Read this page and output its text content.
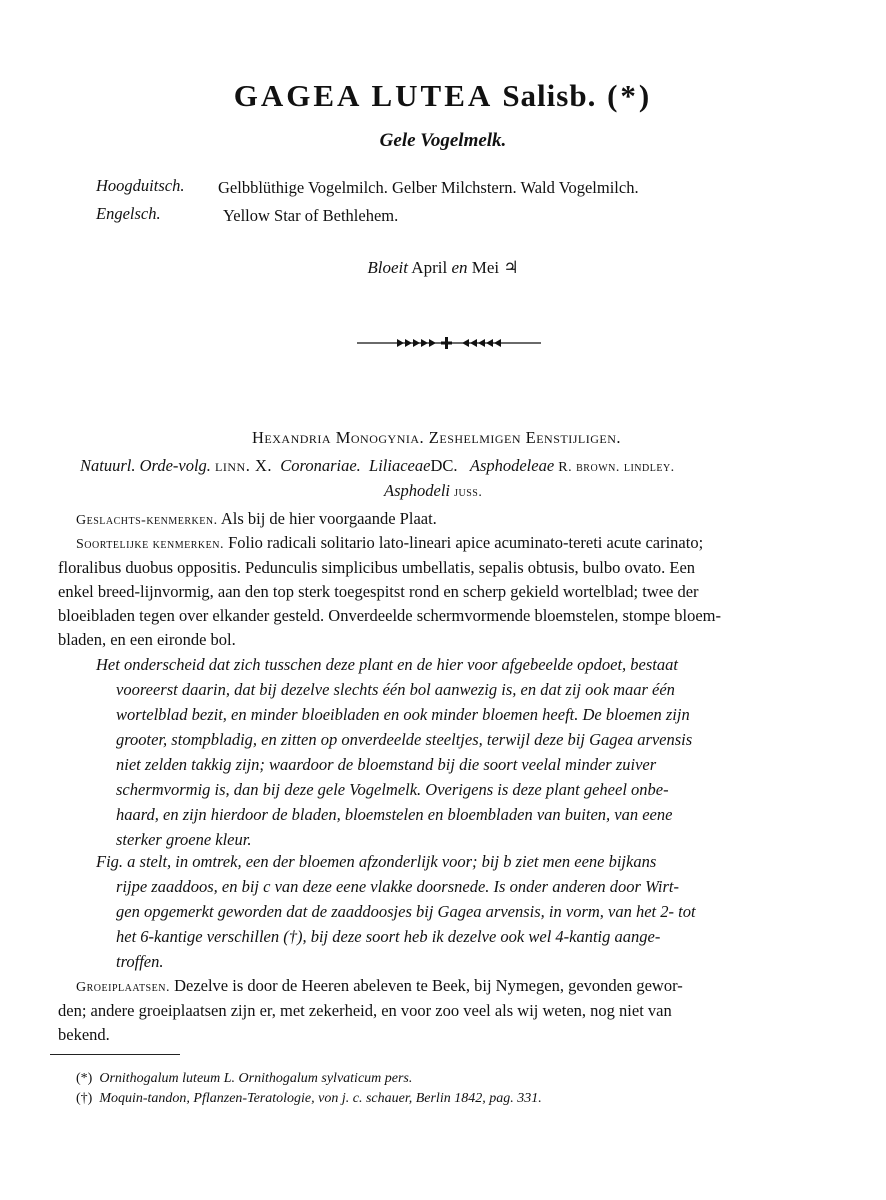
GAGEA LUTEA Salisb. (*)
Gele Vogelmelk.
Hoogduitsch. Gelbblüthige Vogelmilch. Gelber Milchstern. Wald Vogelmilch.
Engelsch.	Yellow Star of Bethlehem.
Bloeit April en Mei ♃
Hexandria Monogynia. Zeshelmigen Eenstijligen.
Natuurl. Orde-volg. linn. X. Coronariae. LiliaceaeDC. Asphodeleae R. brown. lindley.
Asphodeli juss.
Geslachts-kenmerken. Als bij de hier voorgaande Plaat.
Soortelijke kenmerken. Folio radicali solitario lato-lineari apice acuminato-tereti acute carinato;
floralibus duobus oppositis. Pedunculis simplicibus umbellatis, sepalis obtusis, bulbo ovato. Een
enkel breed-lijnvormig, aan den top sterk toegespitst rond en scherp gekield wortelblad; twee der
bloeibladen tegen over elkander gesteld. Onverdeelde schermvormende bloemstelen, stompe bloem-
bladen, en een eironde bol.
Het onderscheid dat zich tusschen deze plant en de hier voor afgebeelde opdoet, bestaat
vooreerst daarin, dat bij dezelve slechts één bol aanwezig is, en dat zij ook maar één
wortelblad bezit, en minder bloeibladen en ook minder bloemen heeft. De bloemen zijn
grooter, stompbladig, en zitten op onverdeelde steeltjes, terwijl deze bij Gagea arvensis
niet zelden takkig zijn; waardoor de bloemstand bij die soort veelal minder zuiver
schermvormig is, dan bij deze gele Vogelmelk. Overigens is deze plant geheel onbe-
haard, en zijn hierdoor de bladen, bloemstelen en bloembladen van buiten, van eene
sterker groene kleur.
Fig. a stelt, in omtrek, een der bloemen afzonderlijk voor; bij b ziet men eene bijkans
rijpe zaaddoos, en bij c van deze eene vlakke doorsnede. Is onder anderen door Wirt-
gen opgemerkt geworden dat de zaaddoosjes bij Gagea arvensis, in vorm, van het 2- tot
het 6-kantige verschillen (†), bij deze soort heb ik dezelve ook wel 4-kantig aange-
troffen.
Groeiplaatsen. Dezelve is door de Heeren abeleven te Beek, bij Nymegen, gevonden gewor-
den; andere groeiplaatsen zijn er, met zekerheid, en voor zoo veel als wij weten, nog niet van
bekend.
(*) Ornithogalum luteum L. Ornithogalum sylvaticum pers.
(†) Moquin-tandon, Pflanzen-Teratologie, von j. c. schauer, Berlin 1842, pag. 331.
